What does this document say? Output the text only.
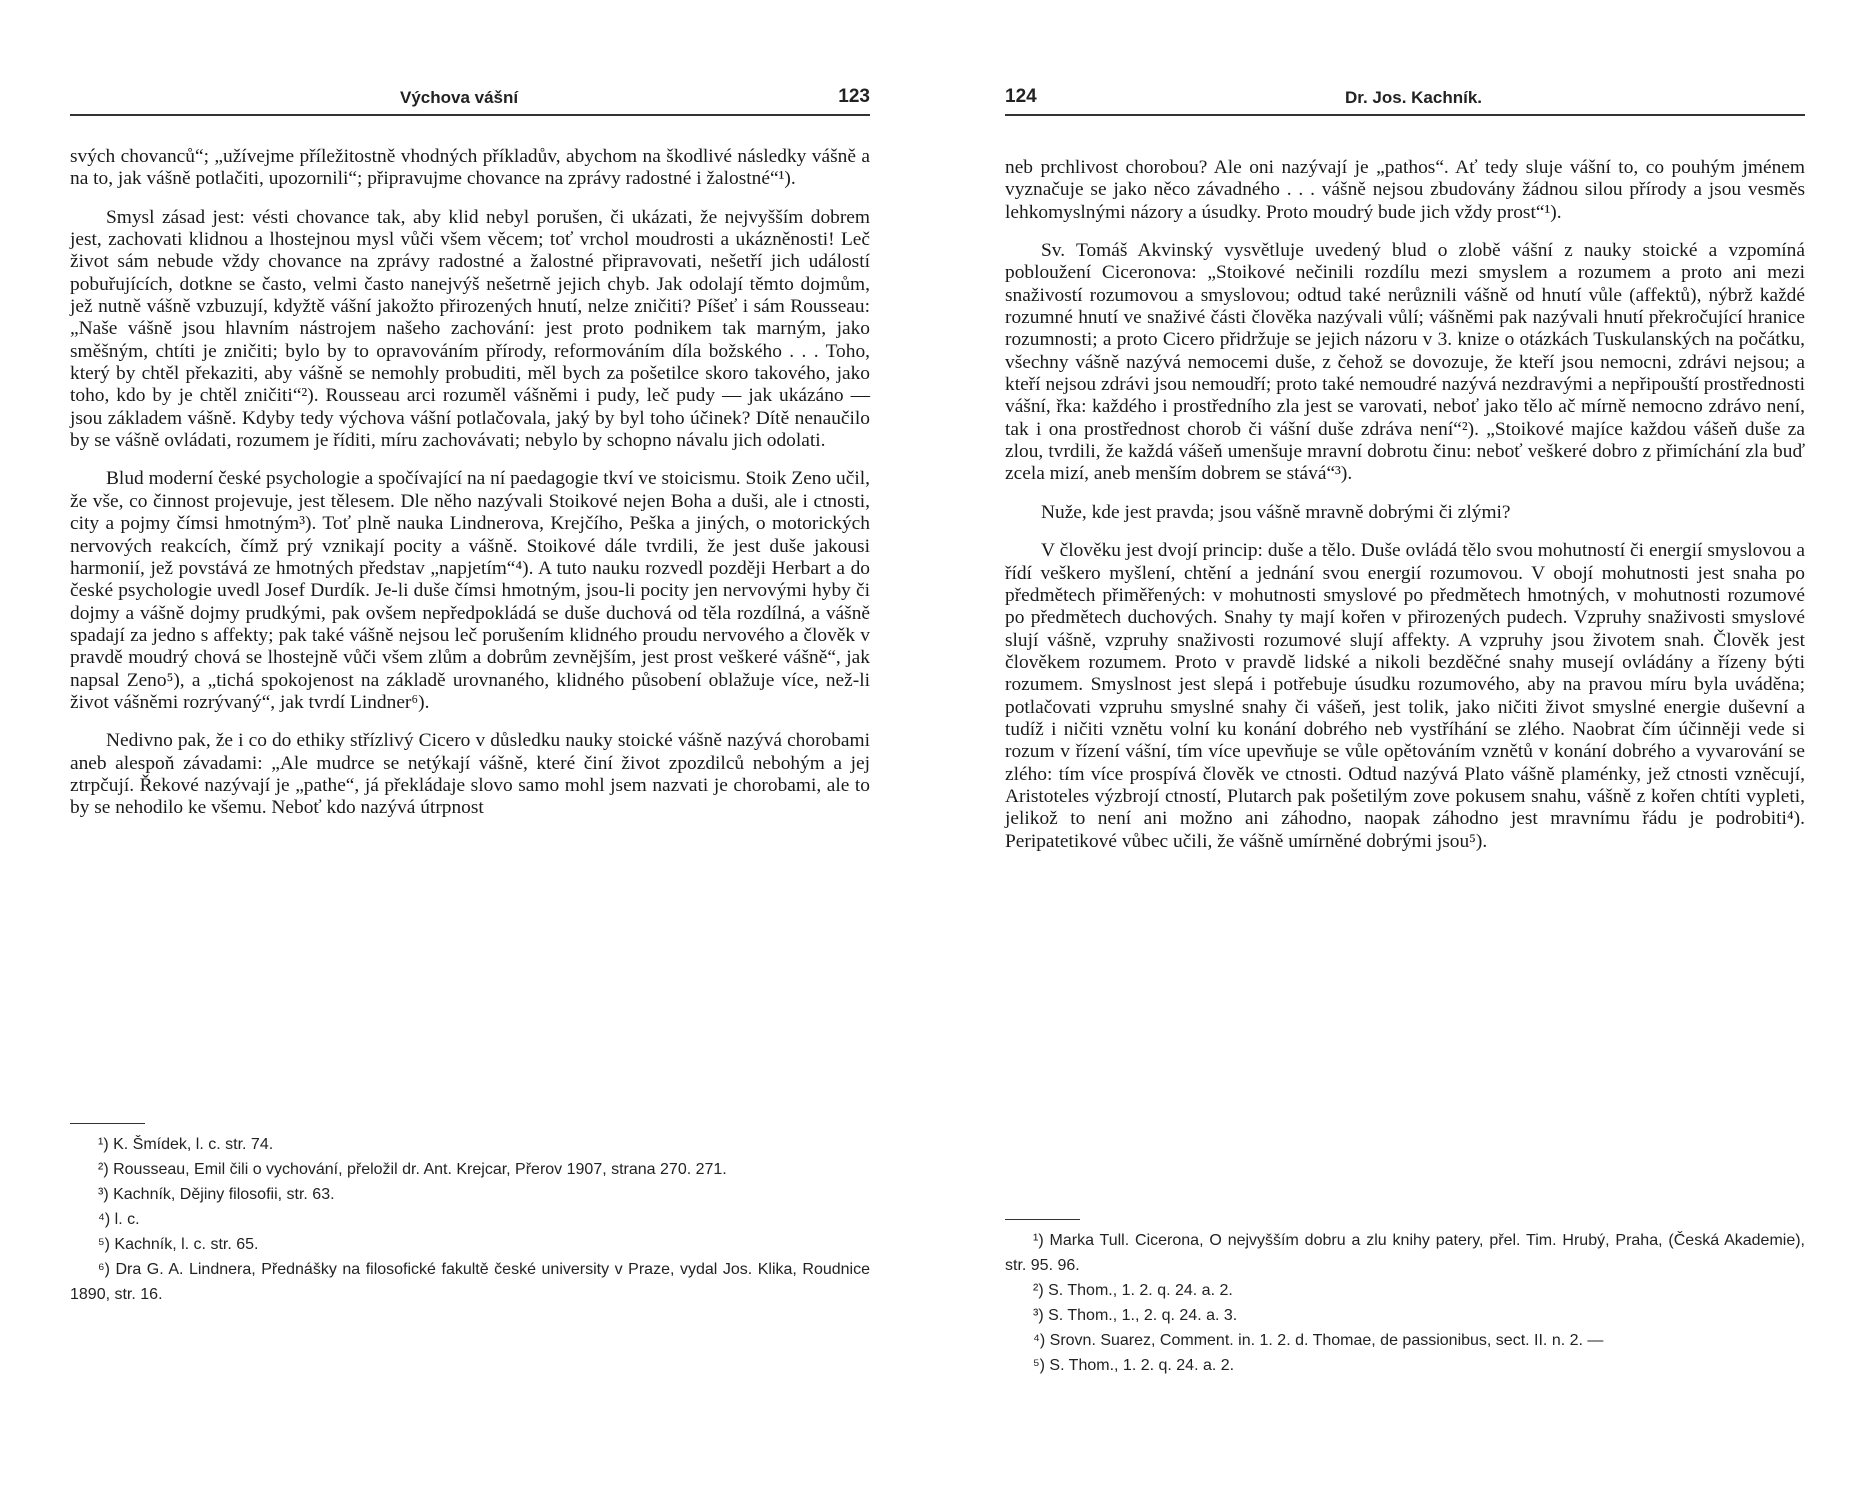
Výchova vášní	123

svých chovanců“; „užívejme příležitostně vhodných příkladův, abychom na škodlivé následky vášně a na to, jak vášně potlačiti, upozornili“; připravujme chovance na zprávy radostné i žalostné“¹).

Smysl zásad jest: vésti chovance tak, aby klid nebyl porušen, či ukázati, že nejvyšším dobrem jest, zachovati klidnou a lhostejnou mysl vůči všem věcem; toť vrchol moudrosti a ukázněnosti! Leč život sám nebude vždy chovance na zprávy radostné a žalostné připravovati, nešetří jich událostí pobuřujících, dotkne se často, velmi často nanejvýš nešetrně jejich chyb. Jak odolají těmto dojmům, jež nutně vášně vzbuzují, kdyžtě vášní jakožto přirozených hnutí, nelze zničiti? Píšeť i sám Rousseau: „Naše vášně jsou hlavním nástrojem našeho zachování: jest proto podnikem tak marným, jako směšným, chtíti je zničiti; bylo by to opravováním přírody, reformováním díla božského . . . Toho, který by chtěl překaziti, aby vášně se nemohly probuditi, měl bych za pošetilce skoro takového, jako toho, kdo by je chtěl zničiti“²). Rousseau arci rozuměl vášněmi i pudy, leč pudy — jak ukázáno — jsou základem vášně. Kdyby tedy výchova vášní potlačovala, jaký by byl toho účinek? Dítě nenaučilo by se vášně ovládati, rozumem je říditi, míru zachovávati; nebylo by schopno návalu jich odolati.

Blud moderní české psychologie a spočívající na ní paedagogie tkví ve stoicismu. Stoik Zeno učil, že vše, co činnost projevuje, jest tělesem. Dle něho nazývali Stoikové nejen Boha a duši, ale i ctnosti, city a pojmy čímsi hmotným³). Toť plně nauka Lindnerova, Krejčího, Peška a jiných, o motorických nervových reakcích, čímž prý vznikají pocity a vášně. Stoikové dále tvrdili, že jest duše jakousi harmonií, jež povstává ze hmotných představ „napjetím“⁴). A tuto nauku rozvedl později Herbart a do české psychologie uvedl Josef Durdík. Je-li duše čímsi hmotným, jsou-li pocity jen nervovými hyby či dojmy a vášně dojmy prudkými, pak ovšem nepředpokládá se duše duchová od těla rozdílná, a vášně spadají za jedno s affekty; pak také vášně nejsou leč porušením klidného proudu nervového a člověk v pravdě moudrý chová se lhostejně vůči všem zlům a dobrům zevnějším, jest prost veškeré vášně“, jak napsal Zeno⁵), a „tichá spokojenost na základě urovnaného, klidného působení oblažuje více, než-li život vášněmi rozrývaný“, jak tvrdí Lindner⁶).

Nedivno pak, že i co do ethiky střízlivý Cicero v důsledku nauky stoické vášně nazývá chorobami aneb alespoň závadami: „Ale mudrce se netýkají vášně, které činí život zpozdilců nebohým a jej ztrpčují. Řekové nazývají je „pathe“, já překládaje slovo samo mohl jsem nazvati je chorobami, ale to by se nehodilo ke všemu. Neboť kdo nazývá útrpnost

¹) K. Šmídek, l. c. str. 74.
²) Rousseau, Emil čili o vychování, přeložil dr. Ant. Krejcar, Přerov 1907, strana 270. 271.
³) Kachník, Dějiny filosofii, str. 63.
⁴) l. c.
⁵) Kachník, l. c. str. 65.
⁶) Dra G. A. Lindnera, Přednášky na filosofické fakultě české university v Praze, vydal Jos. Klika, Roudnice 1890, str. 16.
124	Dr. Jos. Kachník.

neb prchlivost chorobou? Ale oni nazývají je „pathos“. Ať tedy sluje vášní to, co pouhým jménem vyznačuje se jako něco závadného . . . vášně nejsou zbudovány žádnou silou přírody a jsou vesměs lehkomyslnými názory a úsudky. Proto moudrý bude jich vždy prost“¹).

Sv. Tomáš Akvinský vysvětluje uvedený blud o zlobě vášní z nauky stoické a vzpomíná pobloužení Ciceronova: „Stoikové nečinili rozdílu mezi smyslem a rozumem a proto ani mezi snaživostí rozumovou a smyslovou; odtud také nerůznili vášně od hnutí vůle (affektů), nýbrž každé rozumné hnutí ve snaživé části člověka nazývali vůlí; vášněmi pak nazývali hnutí překročující hranice rozumnosti; a proto Cicero přidržuje se jejich názoru v 3. knize o otázkách Tuskulanských na počátku, všechny vášně nazývá nemocemi duše, z čehož se dovozuje, že kteří jsou nemocni, zdrávi nejsou; a kteří nejsou zdrávi jsou nemoudří; proto také nemoudré nazývá nezdravými a nepřipouští prostřednosti vášní, řka: každého i prostředního zla jest se varovati, neboť jako tělo ač mírně nemocno zdrávo není, tak i ona prostřednost chorob či vášní duše zdráva není“²). „Stoikové majíce každou vášeň duše za zlou, tvrdili, že každá vášeň umenšuje mravní dobrotu činu: neboť veškeré dobro z přimíchání zla buď zcela mizí, aneb menším dobrem se stává“³).

Nuže, kde jest pravda; jsou vášně mravně dobrými či zlými?

V člověku jest dvojí princip: duše a tělo. Duše ovládá tělo svou mohutností či energií smyslovou a řídí veškero myšlení, chtění a jednání svou energií rozumovou. V obojí mohutnosti jest snaha po předmětech přiměřených: v mohutnosti smyslové po předmětech hmotných, v mohutnosti rozumové po předmětech duchových. Snahy ty mají kořen v přirozených pudech. Vzpruhy snaživosti smyslové slují vášně, vzpruhy snaživosti rozumové slují affekty. A vzpruhy jsou životem snah. Člověk jest člověkem rozumem. Proto v pravdě lidské a nikoli bezděčné snahy musejí ovládány a řízeny býti rozumem. Smyslnost jest slepá i potřebuje úsudku rozumového, aby na pravou míru byla uváděna; potlačovati vzpruhu smyslné snahy či vášeň, jest tolik, jako ničiti život smyslné energie duševní a tudíž i ničiti vznětu volní ku konání dobrého neb vystříhání se zlého. Naobrat čím účinněji vede si rozum v řízení vášní, tím více upevňuje se vůle opětováním vznětů v konání dobrého a vyvarování se zlého: tím více prospívá člověk ve ctnosti. Odtud nazývá Plato vášně plaménky, jež ctnosti vzněcují, Aristoteles výzbrojí ctností, Plutarch pak pošetilým zove pokusem snahu, vášně z kořen chtíti vypleti, jelikož to není ani možno ani záhodno, naopak záhodno jest mravnímu řádu je podrobiti⁴). Peripatetikové vůbec učili, že vášně umírněné dobrými jsou⁵).

¹) Marka Tull. Cicerona, O nejvyšším dobru a zlu knihy patery, přel. Tim. Hrubý, Praha, (Česká Akademie), str. 95. 96.
²) S. Thom., 1. 2. q. 24. a. 2.
³) S. Thom., 1., 2. q. 24. a. 3.
⁴) Srovn. Suarez, Comment. in. 1. 2. d. Thomae, de passionibus, sect. II. n. 2. —
⁵) S. Thom., 1. 2. q. 24. a. 2.
